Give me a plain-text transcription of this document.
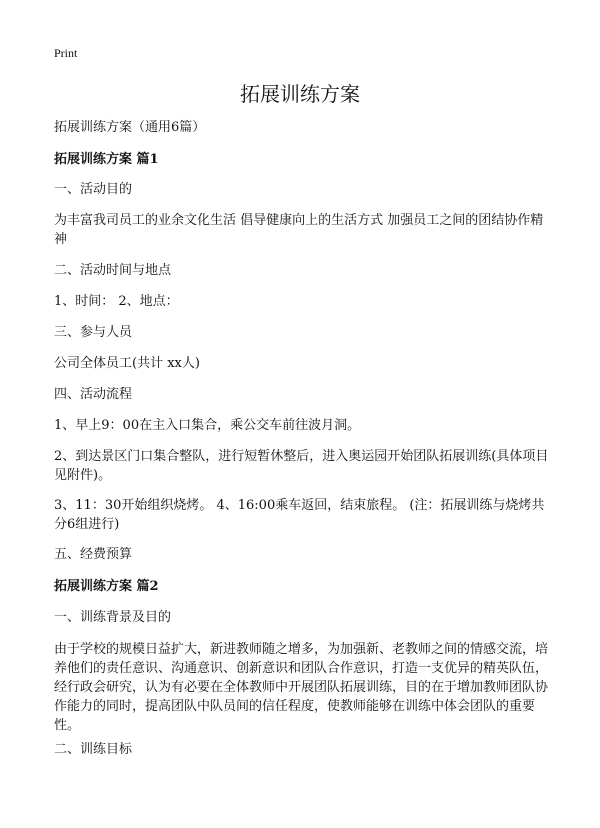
Print
拓展训练方案
拓展训练方案（通用6篇）
拓展训练方案 篇1
一、活动目的
为丰富我司员工的业余文化生活 倡导健康向上的生活方式 加强员工之间的团结协作精神
二、活动时间与地点
1、时间： 2、地点：
三、参与人员
公司全体员工(共计 xx人)
四、活动流程
1、早上9：00在主入口集合，乘公交车前往波月洞。
2、到达景区门口集合整队，进行短暂休整后，进入奥运园开始团队拓展训练(具体项目见附件)。
3、11：30开始组织烧烤。 4、16:00乘车返回，结束旅程。 (注：拓展训练与烧烤共分6组进行)
五、经费预算
拓展训练方案 篇2
一、训练背景及目的
由于学校的规模日益扩大，新进教师随之增多，为加强新、老教师之间的情感交流，培养他们的责任意识、沟通意识、创新意识和团队合作意识，打造一支优异的精英队伍，经行政会研究，认为有必要在全体教师中开展团队拓展训练，目的在于增加教师团队协作能力的同时，提高团队中队员间的信任程度，使教师能够在训练中体会团队的重要性。
二、训练目标
